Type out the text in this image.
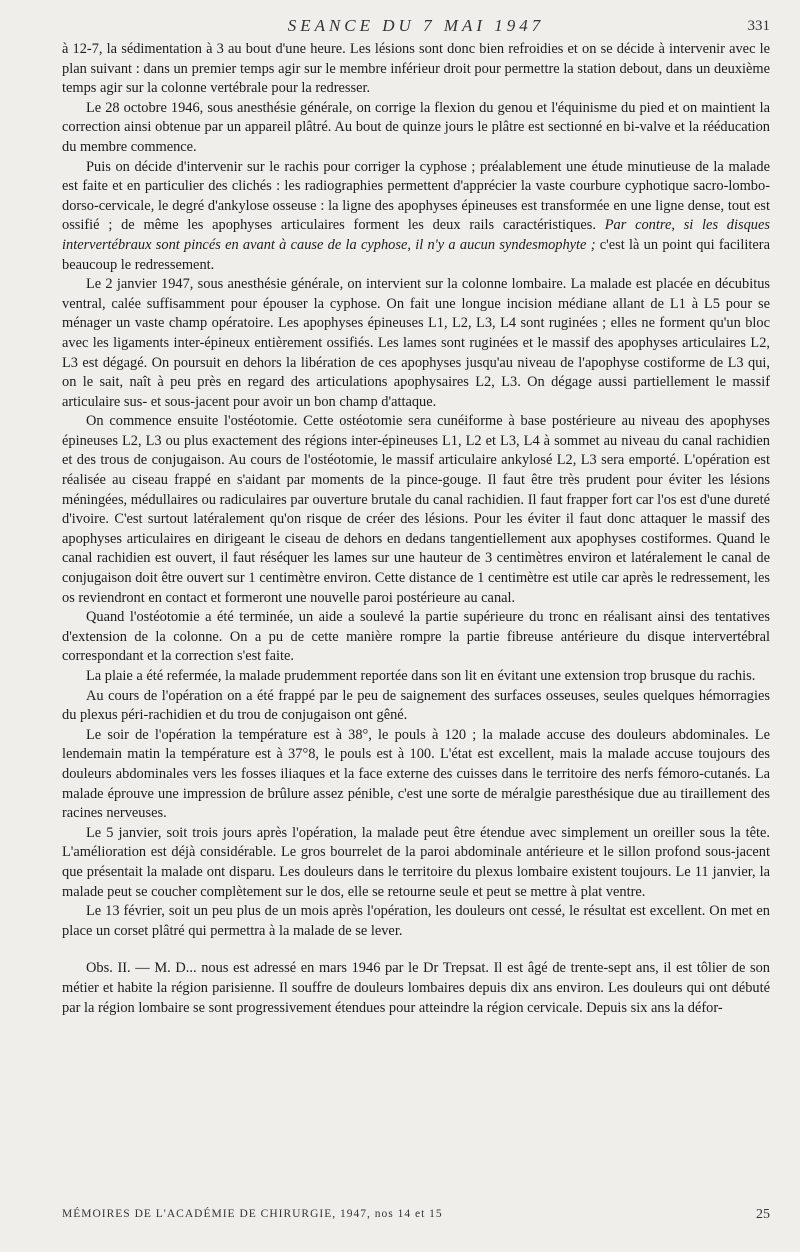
SEANCE DU 7 MAI 1947	331

à 12-7, la sédimentation à 3 au bout d'une heure. Les lésions sont donc bien refroidies et on se décide à intervenir avec le plan suivant : dans un premier temps agir sur le membre inférieur droit pour permettre la station debout, dans un deuxième temps agir sur la colonne vertébrale pour la redresser.

Le 28 octobre 1946, sous anesthésie générale, on corrige la flexion du genou et l'équinisme du pied et on maintient la correction ainsi obtenue par un appareil plâtré. Au bout de quinze jours le plâtre est sectionné en bi-valve et la rééducation du membre commence.

Puis on décide d'intervenir sur le rachis pour corriger la cyphose ; préalablement une étude minutieuse de la malade est faite et en particulier des clichés : les radiographies permettent d'apprécier la vaste courbure cyphotique sacro-lombo-dorso-cervicale, le degré d'ankylose osseuse : la ligne des apophyses épineuses est transformée en une ligne dense, tout est ossifié ; de même les apophyses articulaires forment les deux rails caractéristiques. Par contre, si les disques intervertébraux sont pincés en avant à cause de la cyphose, il n'y a aucun syndesmophyte ; c'est là un point qui facilitera beaucoup le redressement.

Le 2 janvier 1947, sous anesthésie générale, on intervient sur la colonne lombaire. La malade est placée en décubitus ventral, calée suffisamment pour épouser la cyphose. On fait une longue incision médiane allant de L1 à L5 pour se ménager un vaste champ opératoire. Les apophyses épineuses L1, L2, L3, L4 sont ruginées ; elles ne forment qu'un bloc avec les ligaments inter-épineux entièrement ossifiés. Les lames sont ruginées et le massif des apophyses articulaires L2, L3 est dégagé. On poursuit en dehors la libération de ces apophyses jusqu'au niveau de l'apophyse costiforme de L3 qui, on le sait, naît à peu près en regard des articulations apophysaires L2, L3. On dégage aussi partiellement le massif articulaire sus- et sous-jacent pour avoir un bon champ d'attaque.

On commence ensuite l'ostéotomie. Cette ostéotomie sera cunéiforme à base postérieure au niveau des apophyses épineuses L2, L3 ou plus exactement des régions inter-épineuses L1, L2 et L3, L4 à sommet au niveau du canal rachidien et des trous de conjugaison. Au cours de l'ostéotomie, le massif articulaire ankylosé L2, L3 sera emporté. L'opération est réalisée au ciseau frappé en s'aidant par moments de la pince-gouge. Il faut être très prudent pour éviter les lésions méningées, médullaires ou radiculaires par ouverture brutale du canal rachidien. Il faut frapper fort car l'os est d'une dureté d'ivoire. C'est surtout latéralement qu'on risque de créer des lésions. Pour les éviter il faut donc attaquer le massif des apophyses articulaires en dirigeant le ciseau de dehors en dedans tangentiellement aux apophyses costiformes. Quand le canal rachidien est ouvert, il faut réséquer les lames sur une hauteur de 3 centimètres environ et latéralement le canal de conjugaison doit être ouvert sur 1 centimètre environ. Cette distance de 1 centimètre est utile car après le redressement, les os reviendront en contact et formeront une nouvelle paroi postérieure au canal.

Quand l'ostéotomie a été terminée, un aide a soulevé la partie supérieure du tronc en réalisant ainsi des tentatives d'extension de la colonne. On a pu de cette manière rompre la partie fibreuse antérieure du disque intervertébral correspondant et la correction s'est faite.

La plaie a été refermée, la malade prudemment reportée dans son lit en évitant une extension trop brusque du rachis.

Au cours de l'opération on a été frappé par le peu de saignement des surfaces osseuses, seules quelques hémorragies du plexus péri-rachidien et du trou de conjugaison ont gêné.

Le soir de l'opération la température est à 38°, le pouls à 120 ; la malade accuse des douleurs abdominales. Le lendemain matin la température est à 37°8, le pouls est à 100. L'état est excellent, mais la malade accuse toujours des douleurs abdominales vers les fosses iliaques et la face externe des cuisses dans le territoire des nerfs fémoro-cutanés. La malade éprouve une impression de brûlure assez pénible, c'est une sorte de méralgie paresthésique due au tiraillement des racines nerveuses.

Le 5 janvier, soit trois jours après l'opération, la malade peut être étendue avec simplement un oreiller sous la tête. L'amélioration est déjà considérable. Le gros bourrelet de la paroi abdominale antérieure et le sillon profond sous-jacent que présentait la malade ont disparu. Les douleurs dans le territoire du plexus lombaire existent toujours. Le 11 janvier, la malade peut se coucher complètement sur le dos, elle se retourne seule et peut se mettre à plat ventre.

Le 13 février, soit un peu plus de un mois après l'opération, les douleurs ont cessé, le résultat est excellent. On met en place un corset plâtré qui permettra à la malade de se lever.

Obs. II. — M. D... nous est adressé en mars 1946 par le Dr Trepsat. Il est âgé de trente-sept ans, il est tôlier de son métier et habite la région parisienne. Il souffre de douleurs lombaires depuis dix ans environ. Les douleurs qui ont débuté par la région lombaire se sont progressivement étendues pour atteindre la région cervicale. Depuis six ans la défor-

MÉMOIRES DE L'ACADÉMIE DE CHIRURGIE, 1947, nos 14 et 15	25
